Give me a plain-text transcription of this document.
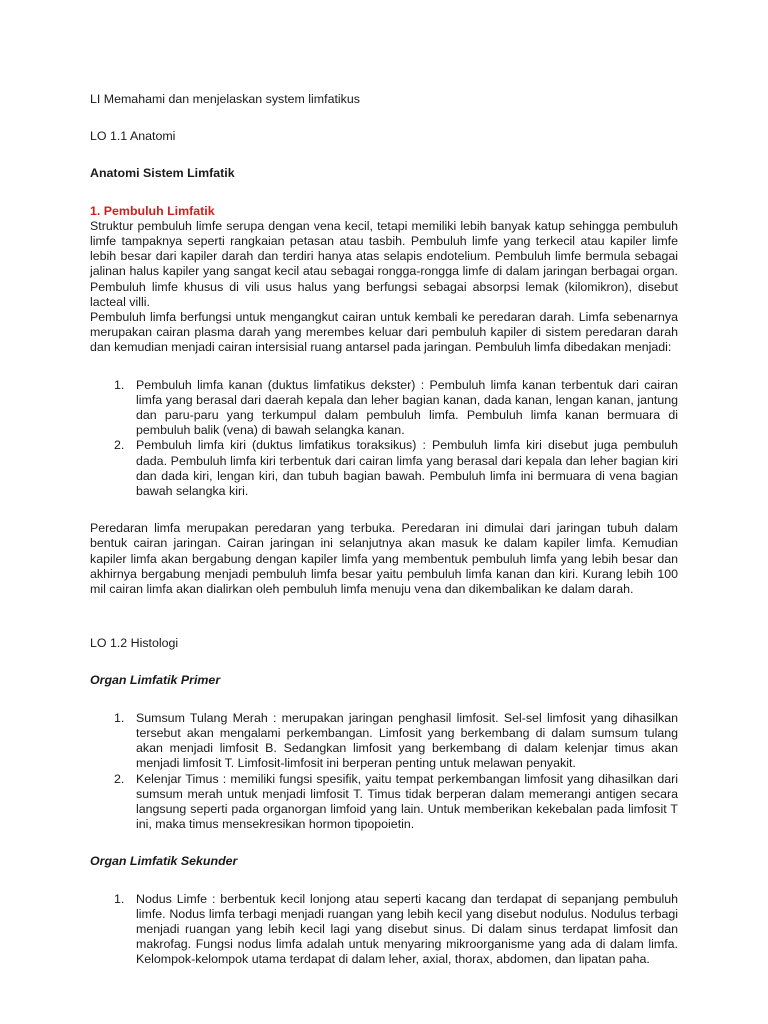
LI Memahami dan menjelaskan system limfatikus

LO 1.1 Anatomi

Anatomi Sistem Limfatik

1. Pembuluh Limfatik

Struktur pembuluh limfe serupa dengan vena kecil, tetapi memiliki lebih banyak katup sehingga pembuluh limfe tampaknya seperti rangkaian petasan atau tasbih. Pembuluh limfe yang terkecil atau kapiler limfe lebih besar dari kapiler darah dan terdiri hanya atas selapis endotelium. Pembuluh limfe bermula sebagai jalinan halus kapiler yang sangat kecil atau sebagai rongga-rongga limfe di dalam jaringan berbagai organ. Pembuluh limfe khusus di vili usus halus yang berfungsi sebagai absorpsi lemak (kilomikron), disebut lacteal villi.

Pembuluh limfa berfungsi untuk mengangkut cairan untuk kembali ke peredaran darah. Limfa sebenarnya merupakan cairan plasma darah yang merembes keluar dari pembuluh kapiler di sistem peredaran darah dan kemudian menjadi cairan intersisial ruang antarsel pada jaringan. Pembuluh limfa dibedakan menjadi:

1. Pembuluh limfa kanan (duktus limfatikus dekster) : Pembuluh limfa kanan terbentuk dari cairan limfa yang berasal dari daerah kepala dan leher bagian kanan, dada kanan, lengan kanan, jantung dan paru-paru yang terkumpul dalam pembuluh limfa. Pembuluh limfa kanan bermuara di pembuluh balik (vena) di bawah selangka kanan.
2. Pembuluh limfa kiri (duktus limfatikus toraksikus) : Pembuluh limfa kiri disebut juga pembuluh dada. Pembuluh limfa kiri terbentuk dari cairan limfa yang berasal dari kepala dan leher bagian kiri dan dada kiri, lengan kiri, dan tubuh bagian bawah. Pembuluh limfa ini bermuara di vena bagian bawah selangka kiri.

Peredaran limfa merupakan peredaran yang terbuka. Peredaran ini dimulai dari jaringan tubuh dalam bentuk cairan jaringan. Cairan jaringan ini selanjutnya akan masuk ke dalam kapiler limfa. Kemudian kapiler limfa akan bergabung dengan kapiler limfa yang membentuk pembuluh limfa yang lebih besar dan akhirnya bergabung menjadi pembuluh limfa besar yaitu pembuluh limfa kanan dan kiri. Kurang lebih 100 mil cairan limfa akan dialirkan oleh pembuluh limfa menuju vena dan dikembalikan ke dalam darah.

LO 1.2 Histologi

Organ Limfatik Primer

1. Sumsum Tulang Merah : merupakan jaringan penghasil limfosit. Sel-sel limfosit yang dihasilkan tersebut akan mengalami perkembangan. Limfosit yang berkembang di dalam sumsum tulang akan menjadi limfosit B. Sedangkan limfosit yang berkembang di dalam kelenjar timus akan menjadi limfosit T. Limfosit-limfosit ini berperan penting untuk melawan penyakit.
2. Kelenjar Timus : memiliki fungsi spesifik, yaitu tempat perkembangan limfosit yang dihasilkan dari sumsum merah untuk menjadi limfosit T. Timus tidak berperan dalam memerangi antigen secara langsung seperti pada organorgan limfoid yang lain. Untuk memberikan kekebalan pada limfosit T ini, maka timus mensekresikan hormon tipopoietin.

Organ Limfatik Sekunder

1. Nodus Limfe : berbentuk kecil lonjong atau seperti kacang dan terdapat di sepanjang pembuluh limfe. Nodus limfa terbagi menjadi ruangan yang lebih kecil yang disebut nodulus. Nodulus terbagi menjadi ruangan yang lebih kecil lagi yang disebut sinus. Di dalam sinus terdapat limfosit dan makrofag. Fungsi nodus limfa adalah untuk menyaring mikroorganisme yang ada di dalam limfa. Kelompok-kelompok utama terdapat di dalam leher, axial, thorax, abdomen, dan lipatan paha.
